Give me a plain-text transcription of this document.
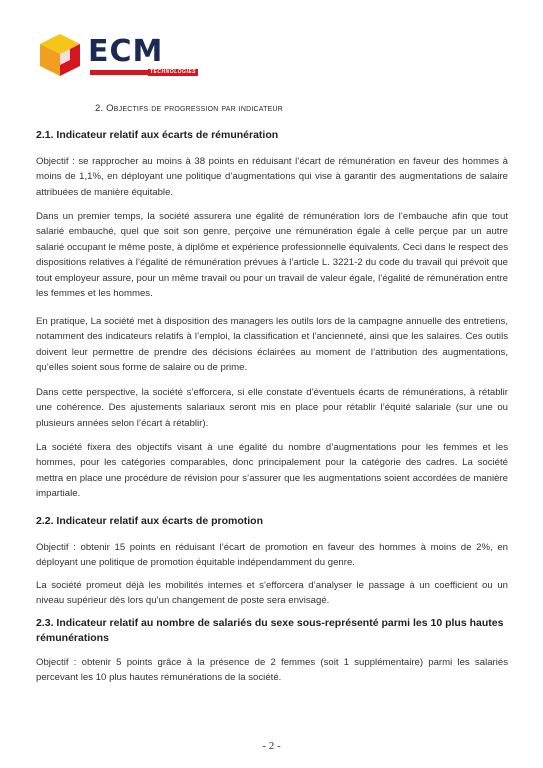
ECM
TECHNOLOGIES
2. Objectifs de progression par indicateur
2.1. Indicateur relatif aux écarts de rémunération

Objectif : se rapprocher au moins à 38 points en réduisant l’écart de rémunération en faveur des hommes à moins de 1,1%, en déployant une politique d’augmentations qui vise à garantir des augmentations de salaire attribuées de manière équitable.

Dans un premier temps, la société assurera une égalité de rémunération lors de l’embauche afin que tout salarié embauché, quel que soit son genre, perçoive une rémunération égale à celle perçue par un autre salarié occupant le même poste, à diplôme et expérience professionnelle équivalents. Ceci dans le respect des dispositions relatives à l’égalité de rémunération prévues à l’article L. 3221-2 du code du travail qui prévoit que tout employeur assure, pour un même travail ou pour un travail de valeur égale, l’égalité de rémunération entre les femmes et les hommes.

En pratique, La société met à disposition des managers les outils lors de la campagne annuelle des entretiens, notamment des indicateurs relatifs à l’emploi, la classification et l’ancienneté, ainsi que les salaires. Ces outils doivent leur permettre de prendre des décisions éclairées au moment de l’attribution des augmentations, qu’elles soient sous forme de salaire ou de prime.

Dans cette perspective, la société s’efforcera, si elle constate d’éventuels écarts de rémunérations, à rétablir une cohérence. Des ajustements salariaux seront mis en place pour rétablir l’équité salariale (sur une ou plusieurs années selon l’écart à rétablir).

La société fixera des objectifs visant à une égalité du nombre d’augmentations pour les femmes et les hommes, pour les catégories comparables, donc principalement pour la catégorie des cadres. La société mettra en place une procédure de révision pour s’assurer que les augmentations soient accordées de manière impartiale.

2.2. Indicateur relatif aux écarts de promotion

Objectif : obtenir 15 points en réduisant l’écart de promotion en faveur des hommes à moins de 2%, en déployant une politique de promotion équitable indépendamment du genre.

La société promeut déjà les mobilités internes et s’efforcera d’analyser le passage à un coefficient ou un niveau supérieur dès lors qu’un changement de poste sera envisagé.

2.3. Indicateur relatif au nombre de salariés du sexe sous-représenté parmi les 10 plus hautes rémunérations

Objectif : obtenir 5 points grâce à la présence de 2 femmes (soit 1 supplémentaire) parmi les salariés percevant les 10 plus hautes rémunérations de la société.

- 2 -
